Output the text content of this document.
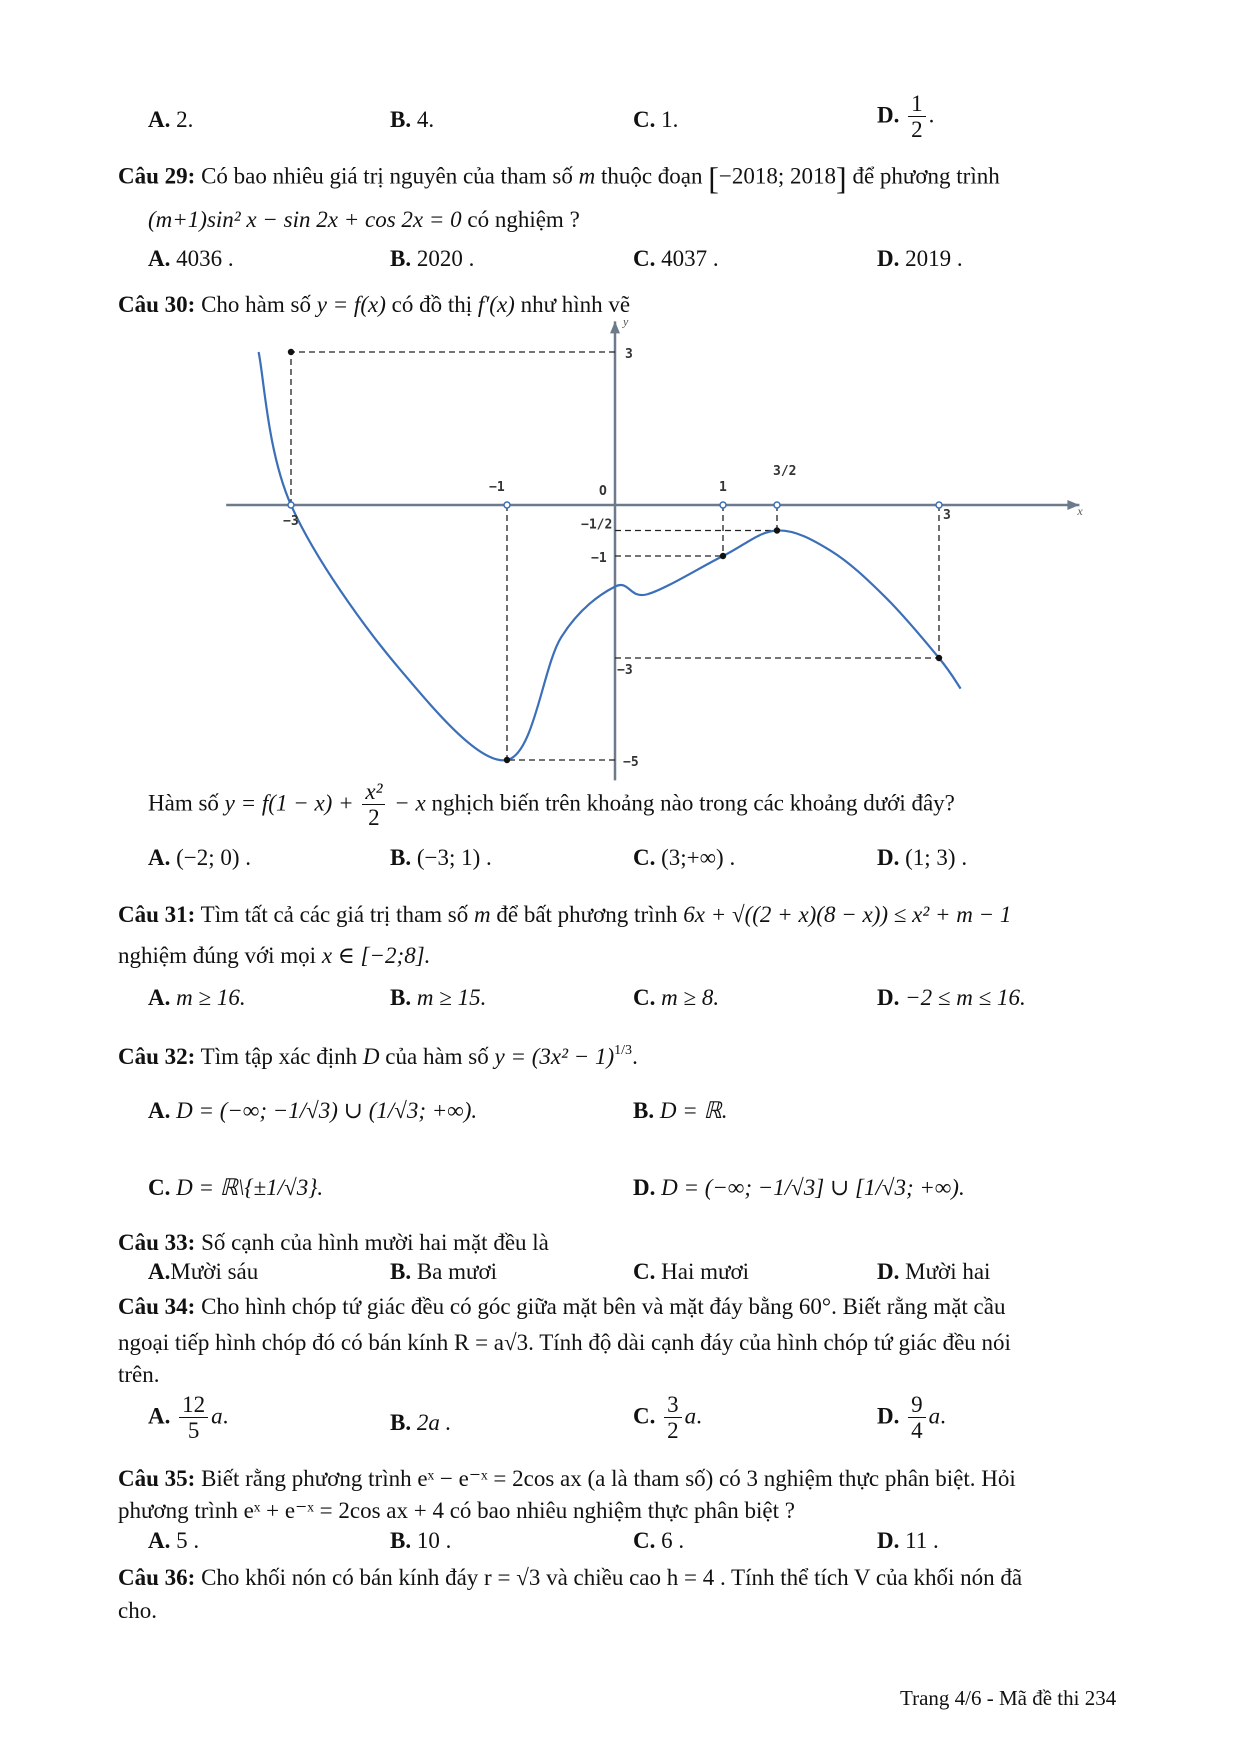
A. 2.	B. 4.	C. 1.	D. $\frac{1}{2}$ .
Câu 29: Có bao nhiêu giá trị nguyên của tham số m thuộc đoạn [−2018; 2018] để phương trình
(m+1)sin² x − sin 2x + cos 2x = 0 có nghiệm ?
A. 4036 .	B. 2020 .	C. 4037 .	D. 2019 .
Câu 30: Cho hàm số y = f(x) có đồ thị f′(x) như hình vẽ
x
y
−3
−1	O	1
3/2
3
3
−1/2
−1
−3
−5
Hàm số $y = f(1 - x) + \frac{\text{x²}}{2} - x$ nghịch biến trên khoảng nào trong các khoảng dưới đây?
A. (−2; 0) .	B. (−3; 1) .	C. (3;+∞) .	D. (1; 3) .
Câu 31: Tìm tất cả các giá trị tham số m để bất phương trình 6x + √((2 + x)(8 − x)) ≤ x² + m − 1
nghiệm đúng với mọi x ∈ [−2;8].
A. m ≥ 16.	B. m ≥ 15.	C. m ≥ 8.	D. −2 ≤ m ≤ 16.
Câu 32: Tìm tập xác định D của hàm số $y = (3x^2 - 1)^{1/3}$.
A. D = (−∞; −1/√3) ∪ (1/√3; +∞).	B. D = ℝ.
C. D = ℝ\{±1/√3}.	D. D = (−∞; −1/√3] ∪ [1/√3; +∞).
Câu 33: Số cạnh của hình mười hai mặt đều là
A.Mười sáu	B. Ba mươi	C. Hai mươi	D. Mười hai
Câu 34: Cho hình chóp tứ giác đều có góc giữa mặt bên và mặt đáy bằng 60°. Biết rằng mặt cầu
ngoại tiếp hình chóp đó có bán kính R = a√3. Tính độ dài cạnh đáy của hình chóp tứ giác đều nói
trên.
A. $\frac{12}{5} a$.	B. 2a .	C. $\frac{3}{2} a$.	D. $\frac{9}{4} a$.
Câu 35: Biết rằng phương trình eˣ − e⁻ˣ = 2cos ax (a là tham số) có 3 nghiệm thực phân biệt. Hỏi
phương trình eˣ + e⁻ˣ = 2cos ax + 4 có bao nhiêu nghiệm thực phân biệt ?
A. 5 .	B. 10 .	C. 6 .	D. 11 .
Câu 36: Cho khối nón có bán kính đáy r = √3 và chiều cao h = 4 . Tính thể tích V của khối nón đã
cho.
Trang 4/6 - Mã đề thi 234
